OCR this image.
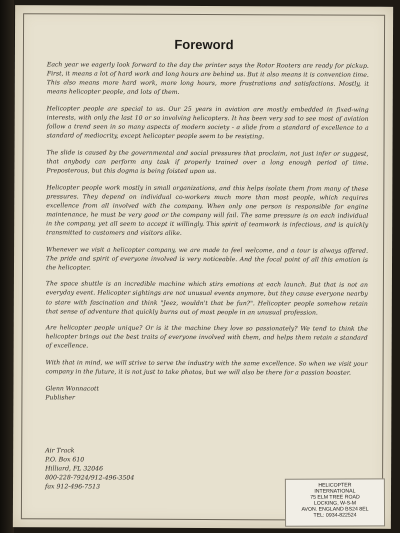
Foreword

Each year we eagerly look forward to the day the printer says the Rotor Rooters are ready for pickup. First, it means a lot of hard work and long hours are behind us. But it also means it is convention time. This also means more hard work, more long hours, more frustrations and satisfactions. Mostly, it means helicopter people, and lots of them.

Helicopter people are special to us. Our 25 years in aviation are mostly embedded in fixed-wing interests, with only the last 10 or so involving helicopters. It has been very sad to see most of aviation follow a trend seen in so many aspects of modern society - a slide from a standard of excellence to a standard of mediocrity, except helicopter people seem to be resisting.

The slide is caused by the governmental and social pressures that proclaim, not just infer or suggest, that anybody can perform any task if properly trained over a long enough period of time. Preposterous, but this dogma is being foisted upon us.

Helicopter people work mostly in small organizations, and this helps isolate them from many of these pressures. They depend on individual co-workers much more than most people, which requires excellence from all involved with the company. When only one person is responsible for engine maintenance, he must be very good or the company will fail. The same pressure is on each individual in the company, yet all seem to accept it willingly. This spirit of teamwork is infectious, and is quickly transmitted to customers and visitors alike.

Whenever we visit a helicopter company, we are made to feel welcome, and a tour is always offered. The pride and spirit of everyone involved is very noticeable. And the focal point of all this emotion is the helicopter.

The space shuttle is an incredible machine which stirs emotions at each launch. But that is not an everyday event. Helicopter sightings are not unusual events anymore, but they cause everyone nearby to stare with fascination and think "Jeez, wouldn't that be fun?". Helicopter people somehow retain that sense of adventure that quickly burns out of most people in an unusual profession.

Are helicopter people unique? Or is it the machine they love so passionately? We tend to think the helicopter brings out the best traits of everyone involved with them, and helps them retain a standard of excellence.

With that in mind, we will strive to serve the industry with the same excellence. So when we visit your company in the future, it is not just to take photos, but we will also be there for a passion booster.

Glenn Wonnacott
Publisher
Air Track
P.O. Box 610
Hilliard, FL 32046
800-228-7924/912-496-3504
fax 912-496-7513	HELICOPTER
INTERNATIONAL
75 ELM TREE ROAD
LOCKING, W-S-M
AVON. ENGLAND BS24 8EL
TEL: 0934-822524
